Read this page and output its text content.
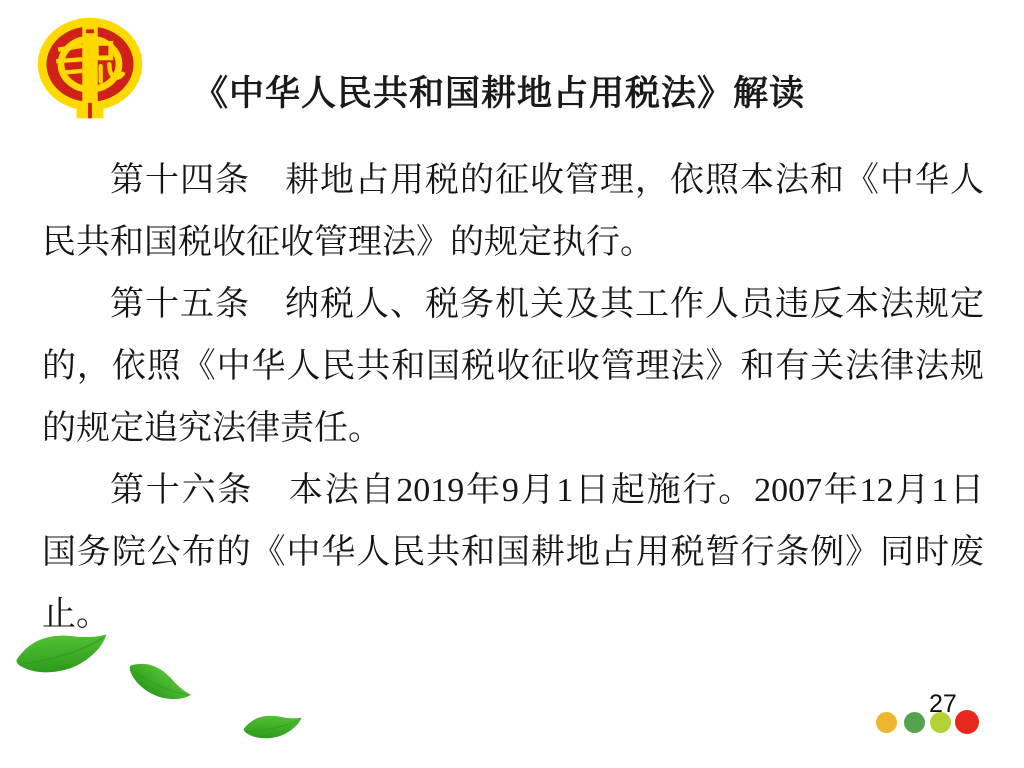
《中华人民共和国耕地占用税法》解读
第十四条　耕地占用税的征收管理，依照本法和《中华人
民共和国税收征收管理法》的规定执行。
第十五条　纳税人、税务机关及其工作人员违反本法规定
的，依照《中华人民共和国税收征收管理法》和有关法律法规
的规定追究法律责任。
第十六条　本法自2019年9月1日起施行。2007年12月1日
国务院公布的《中华人民共和国耕地占用税暂行条例》同时废
止。
27
